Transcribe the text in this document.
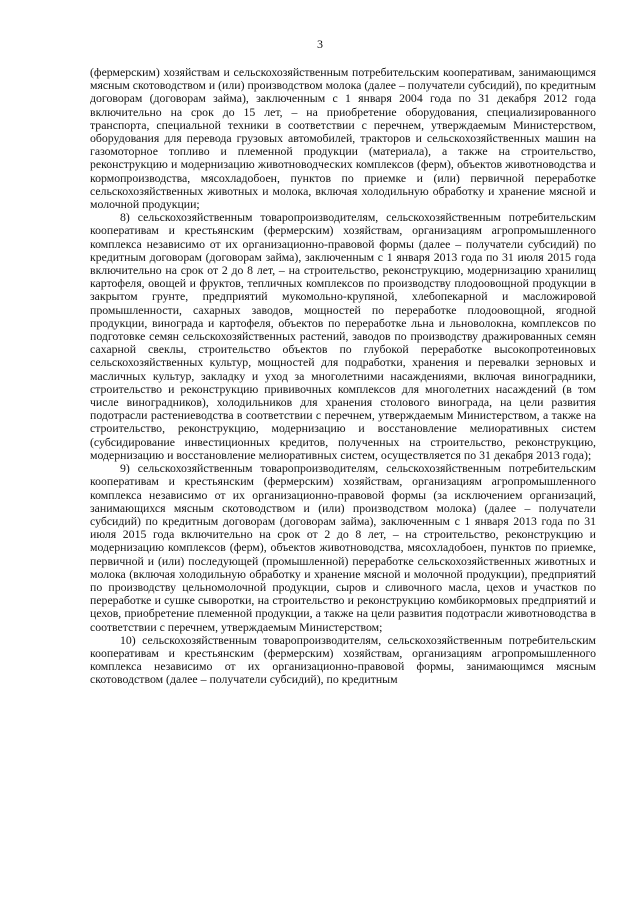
3

(фермерским) хозяйствам и сельскохозяйственным потребительским кооперативам, занимающимся мясным скотоводством и (или) производством молока (далее – получатели субсидий), по кредитным договорам (договорам займа), заключенным с 1 января 2004 года по 31 декабря 2012 года включительно на срок до 15 лет, – на приобретение оборудования, специализированного транспорта, специальной техники в соответствии с перечнем, утверждаемым Министерством, оборудования для перевода грузовых автомобилей, тракторов и сельскохозяйственных машин на газомоторное топливо и племенной продукции (материала), а также на строительство, реконструкцию и модернизацию животноводческих комплексов (ферм), объектов животноводства и кормопроизводства, мясохладобоен, пунктов по приемке и (или) первичной переработке сельскохозяйственных животных и молока, включая холодильную обработку и хранение мясной и молочной продукции;

8) сельскохозяйственным товаропроизводителям, сельскохозяйственным потребительским кооперативам и крестьянским (фермерским) хозяйствам, организациям агропромышленного комплекса независимо от их организационно-правовой формы (далее – получатели субсидий) по кредитным договорам (договорам займа), заключенным с 1 января 2013 года по 31 июля 2015 года включительно на срок от 2 до 8 лет, – на строительство, реконструкцию, модернизацию хранилищ картофеля, овощей и фруктов, тепличных комплексов по производству плодоовощной продукции в закрытом грунте, предприятий мукомольно-крупяной, хлебопекарной и масложировой промышленности, сахарных заводов, мощностей по переработке плодоовощной, ягодной продукции, винограда и картофеля, объектов по переработке льна и льноволокна, комплексов по подготовке семян сельскохозяйственных растений, заводов по производству дражированных семян сахарной свеклы, строительство объектов по глубокой переработке высокопротеиновых сельскохозяйственных культур, мощностей для подработки, хранения и перевалки зерновых и масличных культур, закладку и уход за многолетними насаждениями, включая виноградники, строительство и реконструкцию прививочных комплексов для многолетних насаждений (в том числе виноградников), холодильников для хранения столового винограда, на цели развития подотрасли растениеводства в соответствии с перечнем, утверждаемым Министерством, а также на строительство, реконструкцию, модернизацию и восстановление мелиоративных систем (субсидирование инвестиционных кредитов, полученных на строительство, реконструкцию, модернизацию и восстановление мелиоративных систем, осуществляется по 31 декабря 2013 года);

9) сельскохозяйственным товаропроизводителям, сельскохозяйственным потребительским кооперативам и крестьянским (фермерским) хозяйствам, организациям агропромышленного комплекса независимо от их организационно-правовой формы (за исключением организаций, занимающихся мясным скотоводством и (или) производством молока) (далее – получатели субсидий) по кредитным договорам (договорам займа), заключенным с 1 января 2013 года по 31 июля 2015 года включительно на срок от 2 до 8 лет, – на строительство, реконструкцию и модернизацию комплексов (ферм), объектов животноводства, мясохладобоен, пунктов по приемке, первичной и (или) последующей (промышленной) переработке сельскохозяйственных животных и молока (включая холодильную обработку и хранение мясной и молочной продукции), предприятий по производству цельномолочной продукции, сыров и сливочного масла, цехов и участков по переработке и сушке сыворотки, на строительство и реконструкцию комбикормовых предприятий и цехов, приобретение племенной продукции, а также на цели развития подотрасли животноводства в соответствии с перечнем, утверждаемым Министерством;

10) сельскохозяйственным товаропроизводителям, сельскохозяйственным потребительским кооперативам и крестьянским (фермерским) хозяйствам, организациям агропромышленного комплекса независимо от их организационно-правовой формы, занимающимся мясным скотоводством (далее – получатели субсидий), по кредитным
